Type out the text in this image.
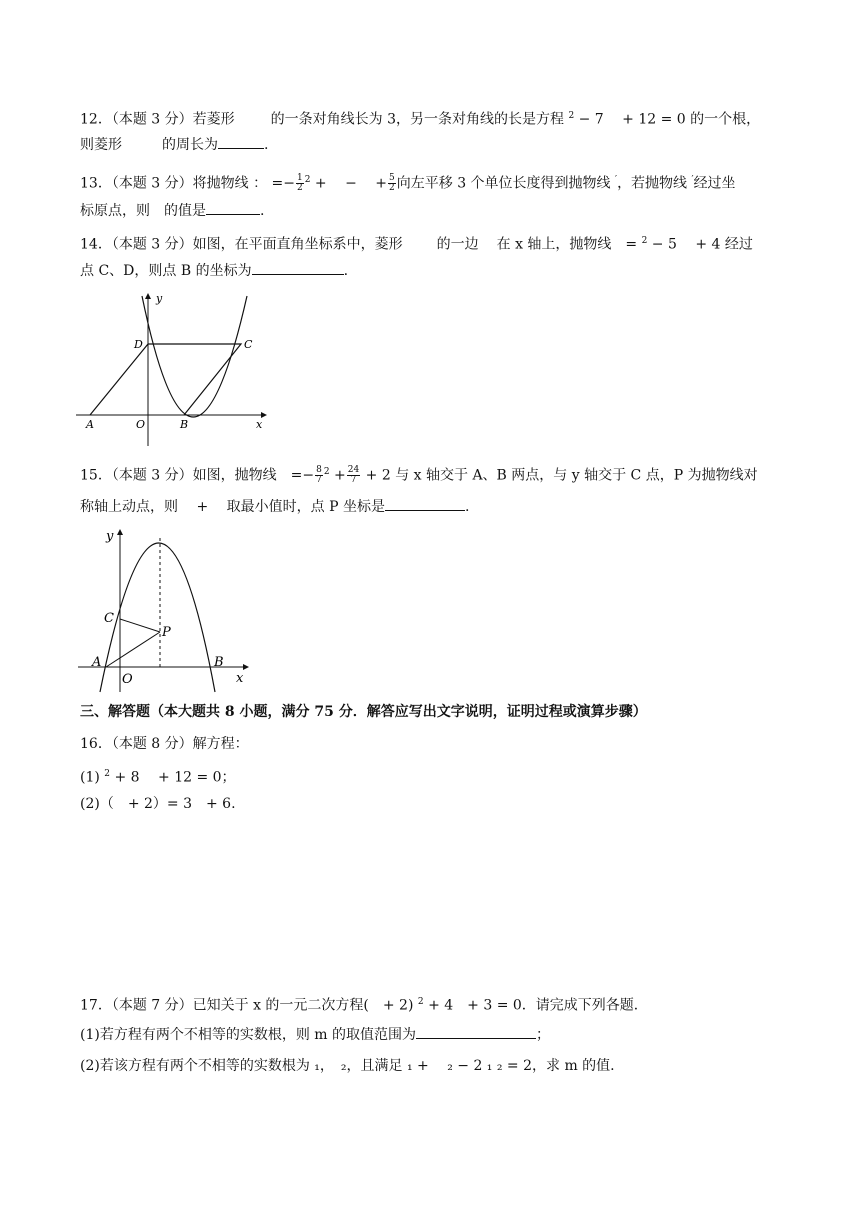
12．（本题 3 分）若菱形	的一条对角线长为 3，另一条对角线的长是方程 $^2$ − 7　 + 12 = 0 的一个根，
则菱形	的周长为	.
13．（本题 3 分）将抛物线 ： =− $\frac{1}{2} ^2$ +　 −　 + $\frac{5}{2}$ 向左平移 3 个单位长度得到抛物线 ′，若抛物线 ′经过坐
标原点，则　的值是	.
14．（本题 3 分）如图，在平面直角坐标系中，菱形 的一边 在 x 轴上，抛物线　= $^2$ − 5　 + 4 经过
点 C、D，则点 B 的坐标为	.
y
x
D	C
A	O	B
15．（本题 3 分）如图，抛物线　=− $\frac{8}{7} ^2 + \frac{24}{7} + 2$ 与 x 轴交于 A、B 两点，与 y 轴交于 C 点，P 为抛物线对
称轴上动点，则　 +　 取最小值时，点 P 坐标是	.
y
x
C
P
A
O
B
三、解答题（本大题共 8 小题，满分 75 分．解答应写出文字说明，证明过程或演算步骤）
16．（本题 8 分）解方程：
(1) $^2$ + 8　 + 12 = 0；
(2)（　+ 2）= 3　+ 6.
17．（本题 7 分）已知关于 x 的一元二次方程(　+ 2) $^2$ + 4　+ 3 = 0．请完成下列各题．
(1)若方程有两个不相等的实数根，则 m 的取值范围为	；
(2)若该方程有两个不相等的实数根为 ₁，　₂，且满足 ₁ + 　₂ − 2 ₁ ₂ = 2，求 m 的值.
